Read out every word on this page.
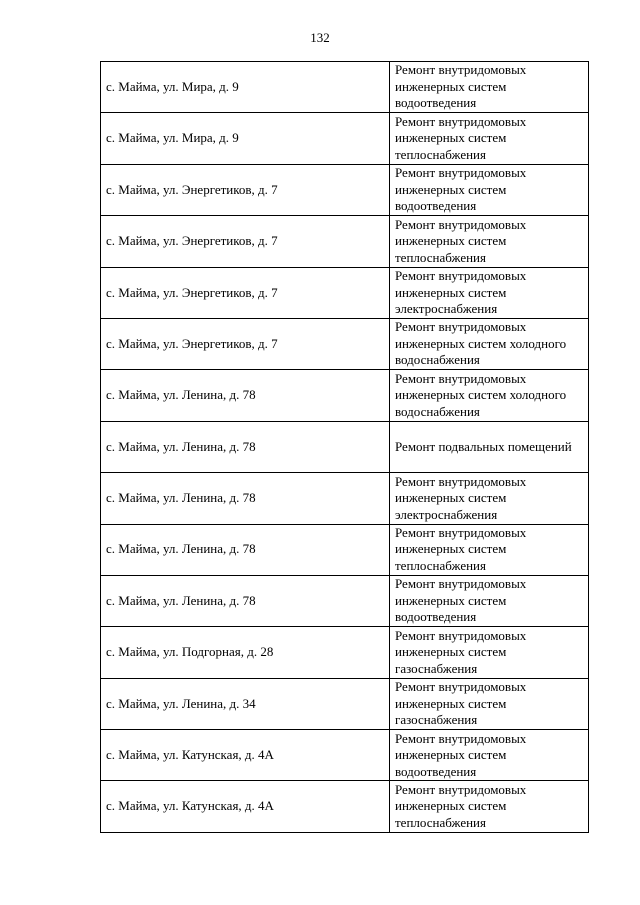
132
с. Майма, ул. Мира, д. 9	Ремонт внутридомовых инженерных систем водоотведения

с. Майма, ул. Мира, д. 9	Ремонт внутридомовых инженерных систем теплоснабжения

с. Майма, ул. Энергетиков, д. 7	Ремонт внутридомовых инженерных систем водоотведения

с. Майма, ул. Энергетиков, д. 7	Ремонт внутридомовых инженерных систем теплоснабжения

с. Майма, ул. Энергетиков, д. 7	Ремонт внутридомовых инженерных систем электроснабжения

с. Майма, ул. Энергетиков, д. 7	Ремонт внутридомовых инженерных систем холодного водоснабжения

с. Майма, ул. Ленина, д. 78	Ремонт внутридомовых инженерных систем холодного водоснабжения

с. Майма, ул. Ленина, д. 78	Ремонт подвальных помещений

с. Майма, ул. Ленина, д. 78	Ремонт внутридомовых инженерных систем электроснабжения

с. Майма, ул. Ленина, д. 78	Ремонт внутридомовых инженерных систем теплоснабжения

с. Майма, ул. Ленина, д. 78	Ремонт внутридомовых инженерных систем водоотведения

с. Майма, ул. Подгорная, д. 28	Ремонт внутридомовых инженерных систем газоснабжения

с. Майма, ул. Ленина, д. 34	Ремонт внутридомовых инженерных систем газоснабжения

с. Майма, ул. Катунская, д. 4А	Ремонт внутридомовых инженерных систем водоотведения

с. Майма, ул. Катунская, д. 4А	Ремонт внутридомовых инженерных систем теплоснабжения
